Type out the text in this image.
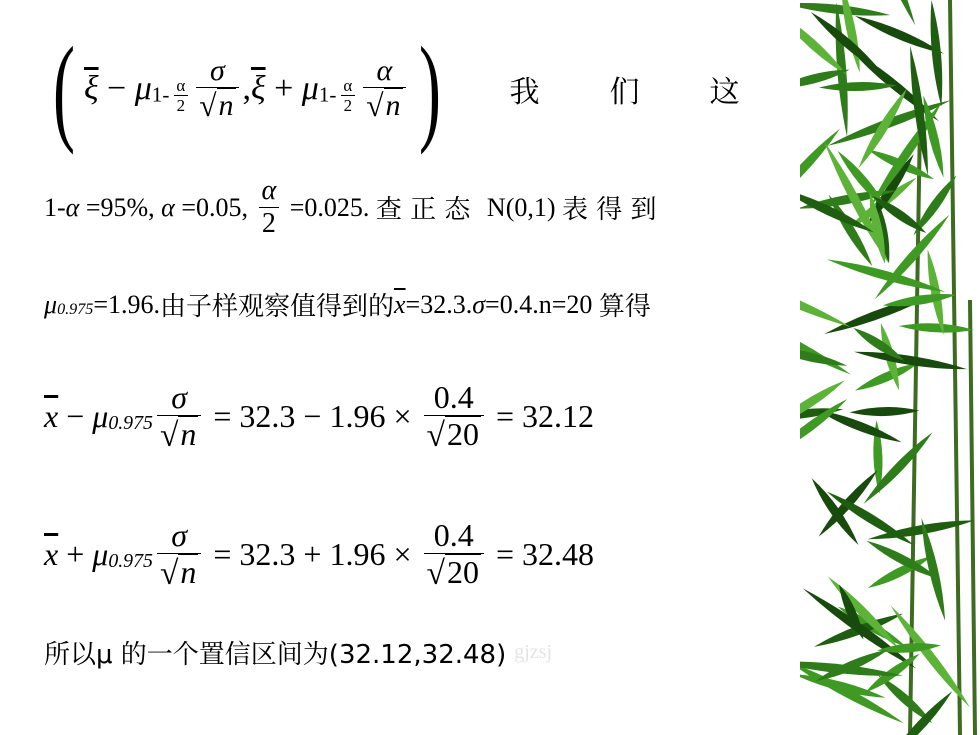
( $\overline{\xi} - \mu$ $1- \frac{\alpha}{2} \frac{\sigma}{√ n}$ , $\overline{\xi} + \mu$ $1- \frac{\alpha}{2} \frac{\alpha}{√ n}$ ) 我 们 这
1- α =95%, α =0.05, $\frac{\alpha}{2} =0.025$. 查 正 态 N(0,1) 表 得 到
μ 0.975 =1.96. 由子样观察值得到的 $\overline{x} =32.3$. σ =0.4.n=20 算得
$\overline{x} - \mu$ $0.975 \frac{\sigma}{√ n} = 32.3 - 1.96 \times \frac{0.4}{√ 20} = 32.12$
$\overline{x} + \mu$ $0.975 \frac{\sigma}{√ n} = 32.3 + 1.96 \times \frac{0.4}{√ 20} = 32.48$
所以μ 的一个置信区间为(32.12,32.48) gjzsj
